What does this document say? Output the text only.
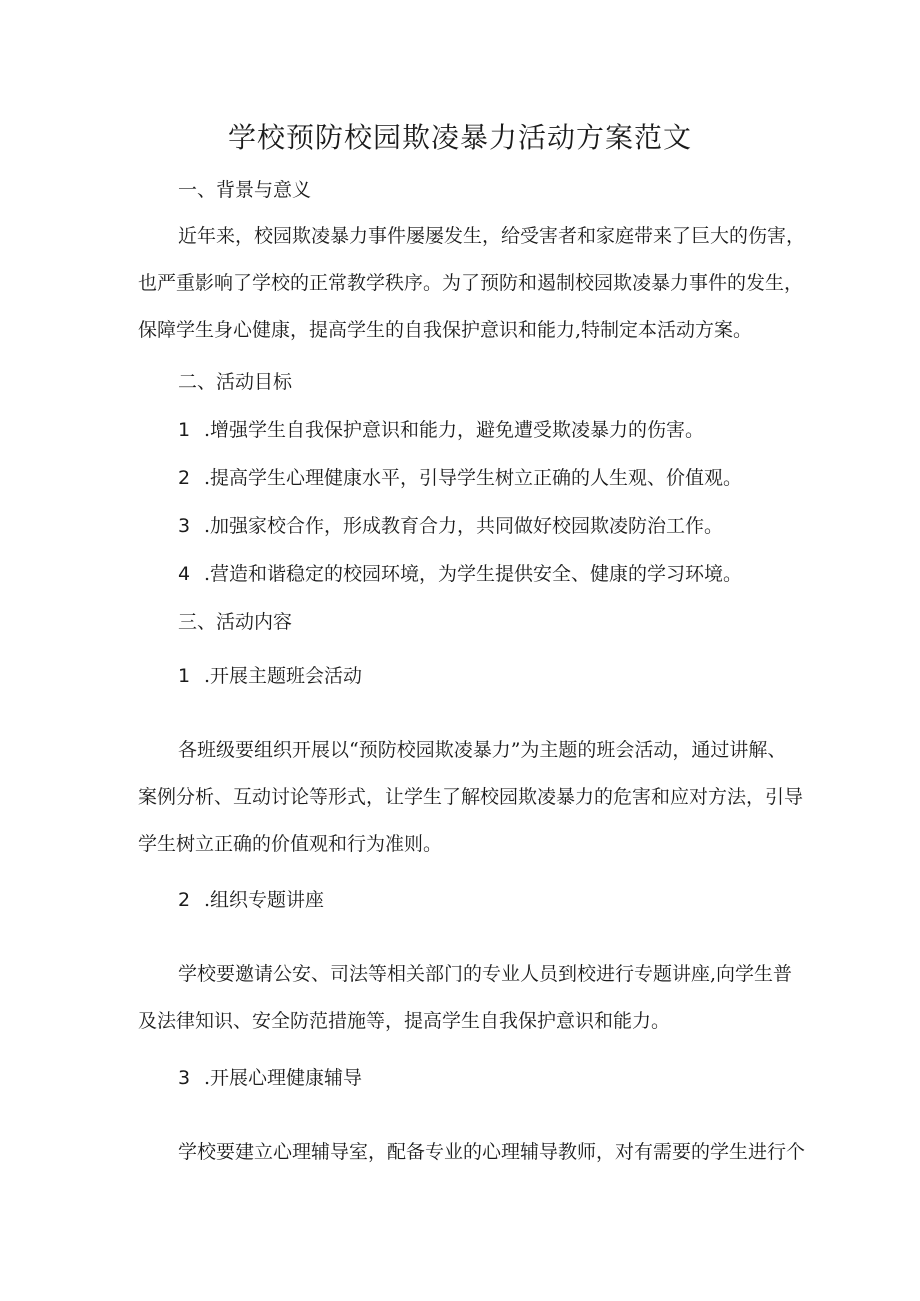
学校预防校园欺凌暴力活动方案范文
一、背景与意义
近年来，校园欺凌暴力事件屡屡发生，给受害者和家庭带来了巨大的伤害，
也严重影响了学校的正常教学秩序。为了预防和遏制校园欺凌暴力事件的发生，
保障学生身心健康，提高学生的自我保护意识和能力,特制定本活动方案。
二、活动目标
1 .增强学生自我保护意识和能力，避免遭受欺凌暴力的伤害。
2 .提高学生心理健康水平，引导学生树立正确的人生观、价值观。
3 .加强家校合作，形成教育合力，共同做好校园欺凌防治工作。
4 .营造和谐稳定的校园环境，为学生提供安全、健康的学习环境。
三、活动内容
1 .开展主题班会活动
各班级要组织开展以“预防校园欺凌暴力”为主题的班会活动，通过讲解、
案例分析、互动讨论等形式，让学生了解校园欺凌暴力的危害和应对方法，引导
学生树立正确的价值观和行为准则。
2 .组织专题讲座
学校要邀请公安、司法等相关部门的专业人员到校进行专题讲座,向学生普
及法律知识、安全防范措施等，提高学生自我保护意识和能力。
3 .开展心理健康辅导
学校要建立心理辅导室，配备专业的心理辅导教师，对有需要的学生进行个
